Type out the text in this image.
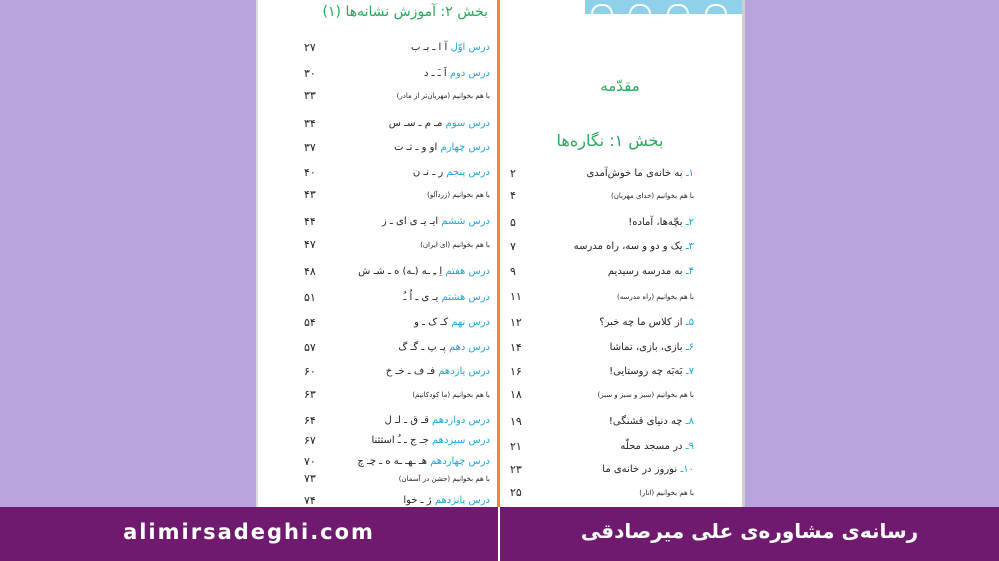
بخش ۲: آموزش نشانه‌ها (۱)
درس اوّل آ ا ـ بـ ب
۲۷
درس دوم اَ ـَ ـ د
۳۰
با هم بخوانیم (مهربان‌تر از مادر)
۳۳
درس سوم مـ م ـ سـ س
۳۴
درس چهارم او و ـ تـ ت
۳۷
درس پنجم ر ـ نـ ن
۴۰
با هم بخوانیم (زردآلو)
۴۳
درس ششم ایـ یـ ی ای ـ ز
۴۴
با هم بخوانیم (ای ایران)
۴۷
درس هفتم اِ ـِ ـه (ـﻪ) ه ـ شـ ش
۴۸
درس هشتم یـ ی ـ اُ ـُ
۵۱
درس نهم کـ ک ـ و
۵۴
درس دهم پـ پ ـ گـ گ
۵۷
درس یازدهم فـ ف ـ خـ خ
۶۰
با هم بخوانیم (ما کودکانیم)
۶۳
درس دوازدهم قـ ق ـ لـ ل
۶۴
درس سیزدهم جـ ج ـ ـُ استثنا
۶۷
درس چهاردهم هـ ـهـ ـه ه ـ چـ چ
۷۰
با هم بخوانیم (جشن در آسمان)
۷۳
درس پانزدهم ژ ـ خوا
۷۴
مقدّمه
بخش ۱: نگاره‌ها
۱ـ به خانه‌ی ما خوش‌آمدی
۲
با هم بخوانیم (خدای مهربان)
۴
۲ـ بچّه‌ها، آماده!
۵
۳ـ یک و دو و سه، راه مدرسه
۷
۴ـ به مدرسه رسیدیم
۹
با هم بخوانیم (راه مدرسه)
۱۱
۵ـ از کلاس ما چه خبر؟
۱۲
۶ـ بازی، بازی، تماشا
۱۴
۷ـ بَه‌بَه چه روستایی!
۱۶
با هم بخوانیم (سبز و سبز و سبز)
۱۸
۸ـ چه دنیای قشنگی!
۱۹
۹ـ در مسجد محلّه
۲۱
۱۰ـ نوروز در خانه‌ی ما
۲۳
با هم بخوانیم (انار)
۲۵
alimirsadeghi.com	رسانه‌ی مشاوره‌ی علی میرصادقی
